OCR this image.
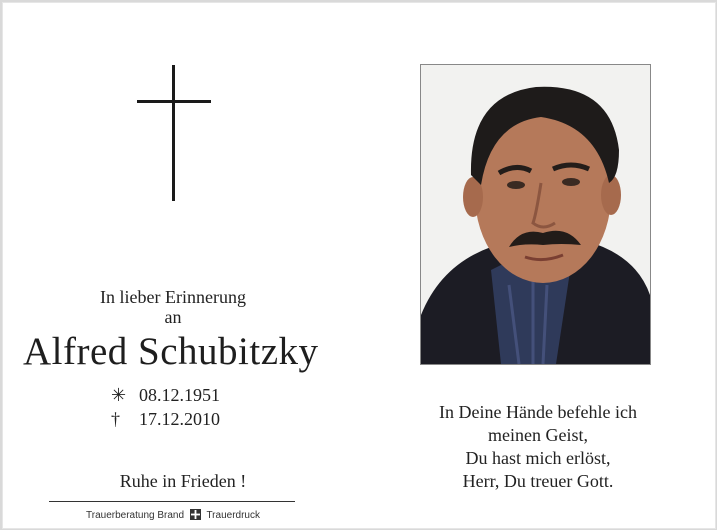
In lieber Erinnerung
an
Alfred Schubitzky
✳ 08.12.1951
†	17.12.2010
Ruhe in Frieden !
Trauerberatung Brand Trauerdruck
In Deine Hände befehle ich
meinen Geist,
Du hast mich erlöst,
Herr, Du treuer Gott.
